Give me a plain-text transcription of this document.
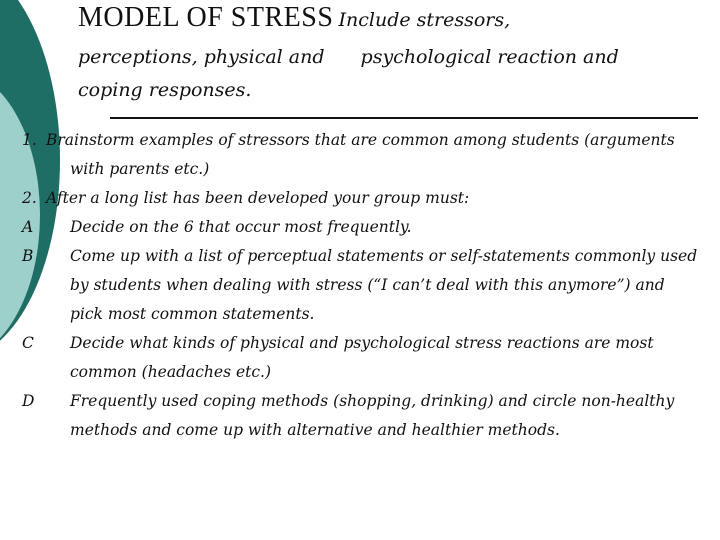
MODEL OF STRESS Include stressors,
perceptions, physical and psychological reaction and
coping responses.
1. Brainstorm examples of stressors that are common among students (arguments with parents etc.)
2. After a long list has been developed your group must:
A	Decide on the 6 that occur most frequently.
B	Come up with a list of perceptual statements or self-statements commonly used by students when dealing with stress (“I can’t deal with this anymore”) and pick most common statements.
C	Decide what kinds of physical and psychological stress reactions are most common (headaches etc.)
D	Frequently used coping methods (shopping, drinking) and circle non-healthy methods and come up with alternative and healthier methods.
